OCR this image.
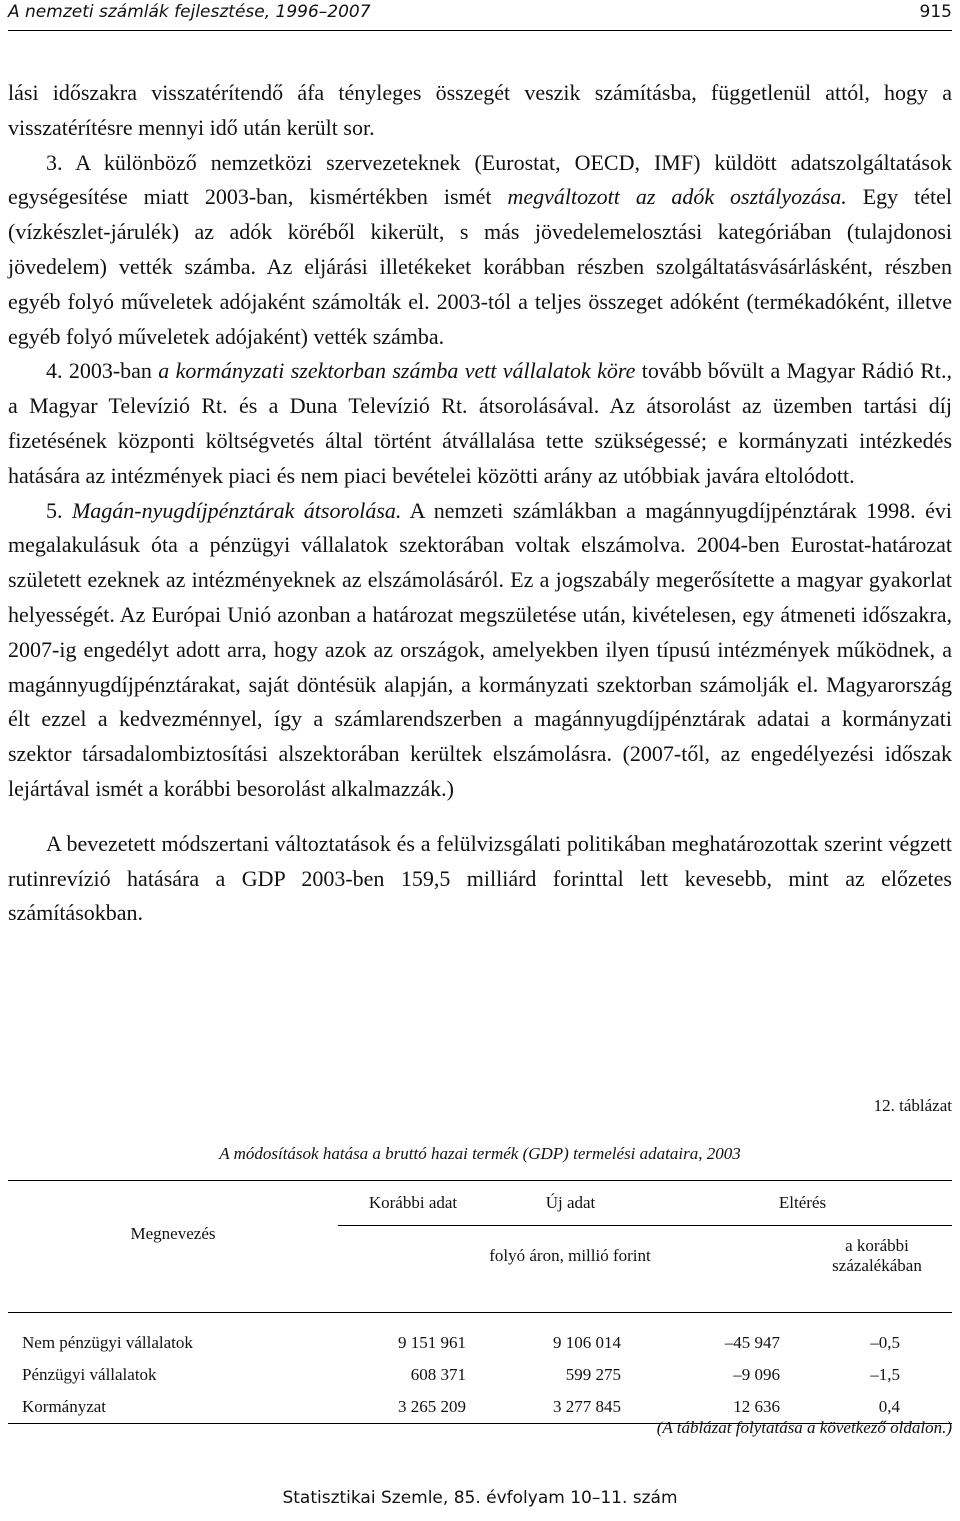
A nemzeti számlák fejlesztése, 1996–2007	915

lási időszakra visszatérítendő áfa tényleges összegét veszik számításba, függetlenül attól, hogy a visszatérítésre mennyi idő után került sor.

3. A különböző nemzetközi szervezeteknek (Eurostat, OECD, IMF) küldött adatszolgáltatások egységesítése miatt 2003-ban, kismértékben ismét megváltozott az adók osztályozása. Egy tétel (vízkészlet-járulék) az adók köréből kikerült, s más jövedelemelosztási kategóriában (tulajdonosi jövedelem) vették számba. Az eljárási illetékeket korábban részben szolgáltatásvásárlásként, részben egyéb folyó műveletek adójaként számolták el. 2003-tól a teljes összeget adóként (termékadóként, illetve egyéb folyó műveletek adójaként) vették számba.

4. 2003-ban a kormányzati szektorban számba vett vállalatok köre tovább bővült a Magyar Rádió Rt., a Magyar Televízió Rt. és a Duna Televízió Rt. átsorolásával. Az átsorolást az üzemben tartási díj fizetésének központi költségvetés által történt átvállalása tette szükségessé; e kormányzati intézkedés hatására az intézmények piaci és nem piaci bevételei közötti arány az utóbbiak javára eltolódott.

5. Magán-nyugdíjpénztárak átsorolása. A nemzeti számlákban a magánnyugdíjpénztárak 1998. évi megalakulásuk óta a pénzügyi vállalatok szektorában voltak elszámolva. 2004-ben Eurostat-határozat született ezeknek az intézményeknek az elszámolásáról. Ez a jogszabály megerősítette a magyar gyakorlat helyességét. Az Európai Unió azonban a határozat megszületése után, kivételesen, egy átmeneti időszakra, 2007-ig engedélyt adott arra, hogy azok az országok, amelyekben ilyen típusú intézmények működnek, a magánnyugdíjpénztárakat, saját döntésük alapján, a kormányzati szektorban számolják el. Magyarország élt ezzel a kedvezménnyel, így a számlarendszerben a magánnyugdíjpénztárak adatai a kormányzati szektor társadalombiztosítási alszektorában kerültek elszámolásra. (2007-től, az engedélyezési időszak lejártával ismét a korábbi besorolást alkalmazzák.)

A bevezetett módszertani változtatások és a felülvizsgálati politikában meghatározottak szerint végzett rutinrevízió hatására a GDP 2003-ben 159,5 milliárd forinttal lett kevesebb, mint az előzetes számításokban.

12. táblázat
A módosítások hatása a bruttó hazai termék (GDP) termelési adataira, 2003
Megnevezés	Korábbi adat	Új adat	Eltérés	
	folyó áron, millió forint			a korábbi százalékában

Nem pénzügyi vállalatok	9 151 961	9 106 014	–45 947	–0,5
Pénzügyi vállalatok	608 371	599 275	–9 096	–1,5
Kormányzat	3 265 209	3 277 845	12 636	0,4
(A táblázat folytatása a következő oldalon.)
Statisztikai Szemle, 85. évfolyam 10–11. szám
